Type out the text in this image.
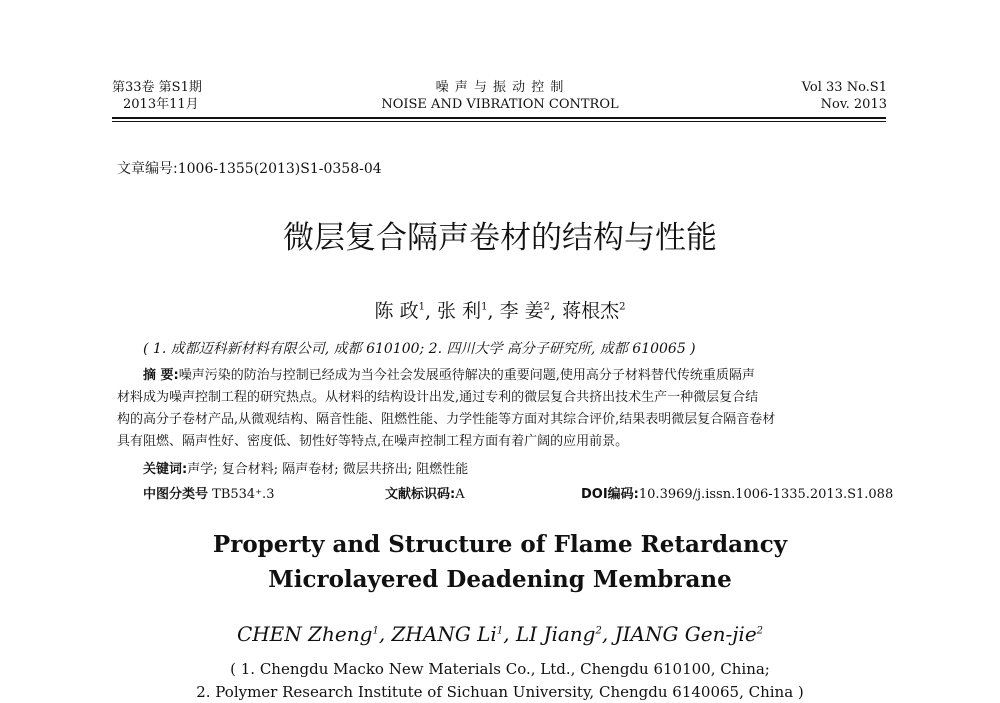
第33卷 第S1期
2013年11月
噪 声 与 振 动 控 制
NOISE AND VIBRATION CONTROL
Vol 33 No.S1
Nov. 2013
文章编号:1006-1355(2013)S1-0358-04
微层复合隔声卷材的结构与性能
陈 政$^1$, 张 利$^1$, 李 姜$^2$, 蒋根杰$^2$
( 1. 成都迈科新材料有限公司, 成都 610100; 2. 四川大学 高分子研究所, 成都 610065 )
摘 要:噪声污染的防治与控制已经成为当今社会发展亟待解决的重要问题,使用高分子材料替代传统重质隔声
材料成为噪声控制工程的研究热点。从材料的结构设计出发,通过专利的微层复合共挤出技术生产一种微层复合结
构的高分子卷材产品,从微观结构、隔音性能、阻燃性能、力学性能等方面对其综合评价,结果表明微层复合隔音卷材
具有阻燃、隔声性好、密度低、韧性好等特点,在噪声控制工程方面有着广阔的应用前景。
关键词:声学; 复合材料; 隔声卷材; 微层共挤出; 阻燃性能
中图分类号 TB534⁺.3	文献标识码:A	DOI编码:10.3969/j.issn.1006-1335.2013.S1.088
Property and Structure of Flame Retardancy
Microlayered Deadening Membrane
CHEN Zheng$^1$, ZHANG Li$^1$, LI Jiang$^2$, JIANG Gen-jie$^2$
( 1. Chengdu Macko New Materials Co., Ltd., Chengdu 610100, China;
2. Polymer Research Institute of Sichuan University, Chengdu 6140065, China )
